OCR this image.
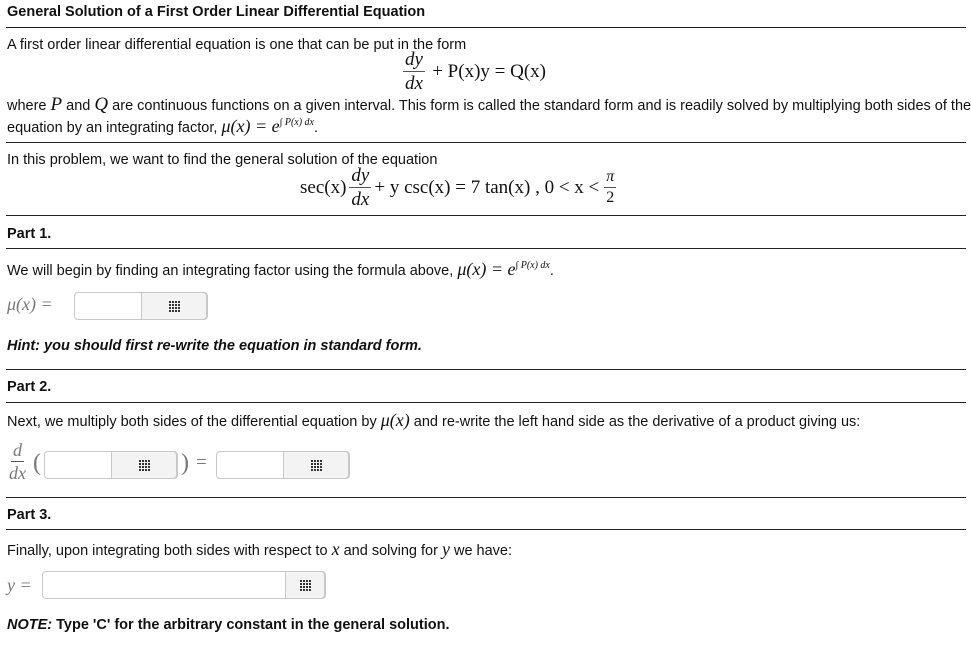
General Solution of a First Order Linear Differential Equation
A first order linear differential equation is one that can be put in the form
$\frac{dy}{dx} + P(x)y = Q(x)$
where P and Q are continuous functions on a given interval. This form is called the standard form and is readily solved by multiplying both sides of the
equation by an integrating factor, $\mu(x) = e^{\int P(x) dx}$.
In this problem, we want to find the general solution of the equation
$\sec(x) \frac{dy}{dx} + y$ csc(x) = 7 tan(x) , $0 < x < \frac{\pi}{2}$
Part 1.
We will begin by finding an integrating factor using the formula above, $\mu(x) = e^{\int P(x) dx}$.
μ(x) =
Hint: you should first re-write the equation in standard form.
Part 2.
Next, we multiply both sides of the differential equation by μ(x) and re-write the left hand side as the derivative of a product giving us:
$\frac{d}{dx}$ (	) =
Part 3.
Finally, upon integrating both sides with respect to x and solving for y we have:
y =
NOTE: Type 'C' for the arbitrary constant in the general solution.
